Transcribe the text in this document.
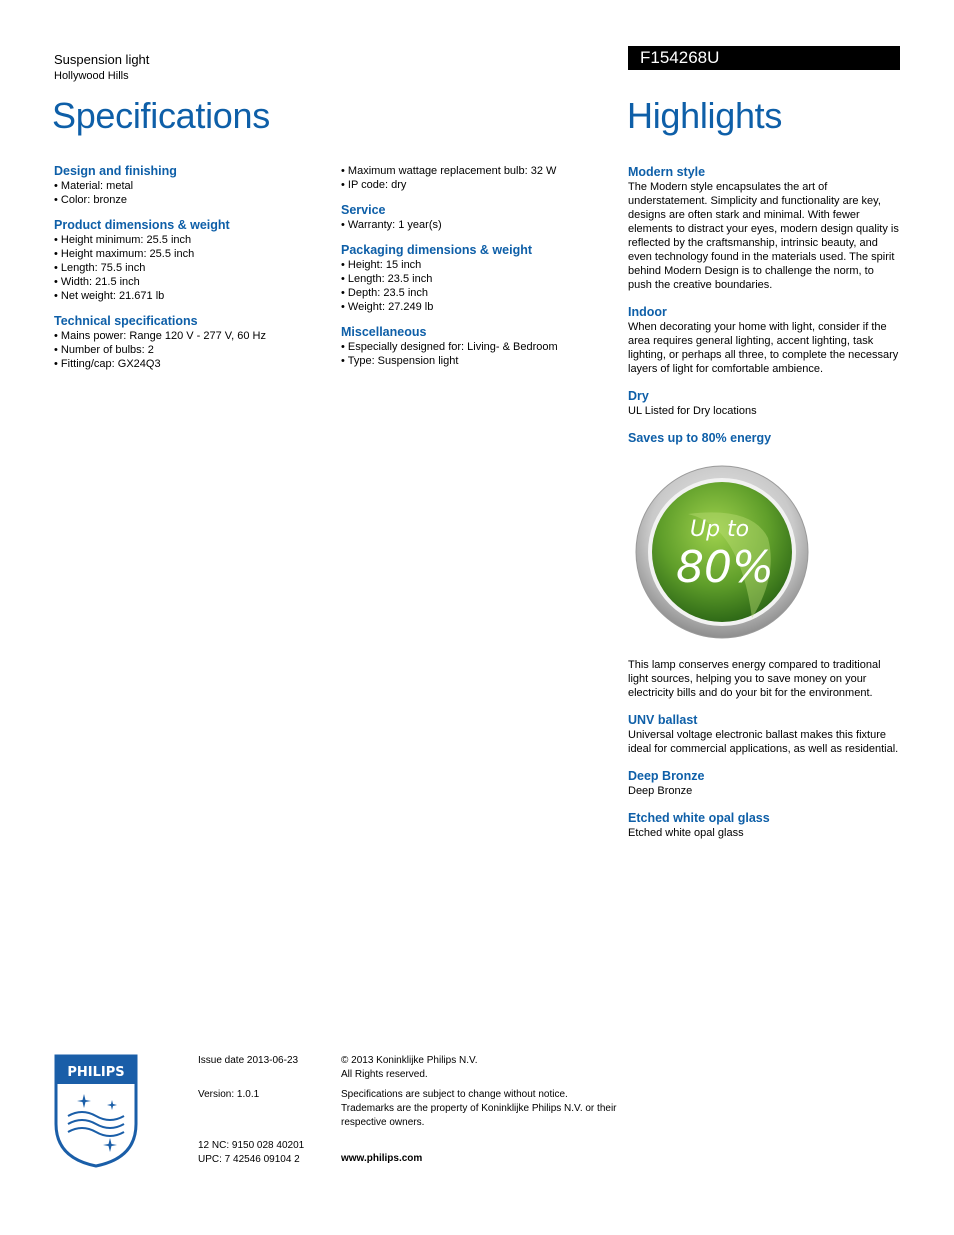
Suspension light
Hollywood Hills
F154268U
Specifications	Highlights
Design and finishing
• Material: metal
• Color: bronze
Product dimensions & weight
• Height minimum: 25.5 inch
• Height maximum: 25.5 inch
• Length: 75.5 inch
• Width: 21.5 inch
• Net weight: 21.671 lb
Technical specifications
• Mains power: Range 120 V - 277 V, 60 Hz
• Number of bulbs: 2
• Fitting/cap: GX24Q3
• Maximum wattage replacement bulb: 32 W
• IP code: dry
Service
• Warranty: 1 year(s)
Packaging dimensions & weight
• Height: 15 inch
• Length: 23.5 inch
• Depth: 23.5 inch
• Weight: 27.249 lb
Miscellaneous
• Especially designed for: Living- & Bedroom
• Type: Suspension light
Modern style
The Modern style encapsulates the art of understatement. Simplicity and functionality are key, designs are often stark and minimal. With fewer elements to distract your eyes, modern design quality is reflected by the craftsmanship, intrinsic beauty, and even technology found in the materials used. The spirit behind Modern Design is to challenge the norm, to push the creative boundaries.
Indoor
When decorating your home with light, consider if the area requires general lighting, accent lighting, task lighting, or perhaps all three, to complete the necessary layers of light for comfortable ambience.
Dry
UL Listed for Dry locations
Saves up to 80% energy
Up to
80%
This lamp conserves energy compared to traditional light sources, helping you to save money on your electricity bills and do your bit for the environment.
UNV ballast
Universal voltage electronic ballast makes this fixture ideal for commercial applications, as well as residential.
Deep Bronze
Deep Bronze
Etched white opal glass
Etched white opal glass
PHILIPS
Issue date 2013-06-23
Version: 1.0.1
12 NC: 9150 028 40201
UPC: 7 42546 09104 2
© 2013 Koninklijke Philips N.V.
All Rights reserved.
Specifications are subject to change without notice. Trademarks are the property of Koninklijke Philips N.V. or their respective owners.
www.philips.com
